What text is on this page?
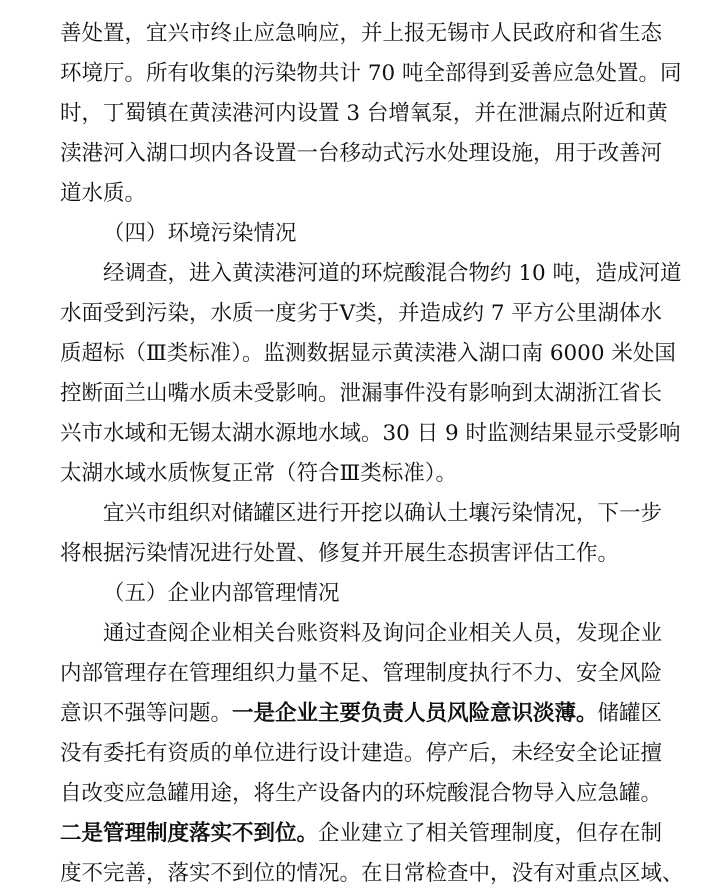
善处置，宜兴市终止应急响应，并上报无锡市人民政府和省生态

环境厅。所有收集的污染物共计 70 吨全部得到妥善应急处置。同

时，丁蜀镇在黄渎港河内设置 3 台增氧泵，并在泄漏点附近和黄

渎港河入湖口坝内各设置一台移动式污水处理设施，用于改善河

道水质。

（四）环境污染情况

经调查，进入黄渎港河道的环烷酸混合物约 10 吨，造成河道

水面受到污染，水质一度劣于Ⅴ类，并造成约 7 平方公里湖体水

质超标（Ⅲ类标准）。监测数据显示黄渎港入湖口南 6000 米处国

控断面兰山嘴水质未受影响。泄漏事件没有影响到太湖浙江省长

兴市水域和无锡太湖水源地水域。30 日 9 时监测结果显示受影响

太湖水域水质恢复正常（符合Ⅲ类标准）。

宜兴市组织对储罐区进行开挖以确认土壤污染情况，下一步

将根据污染情况进行处置、修复并开展生态损害评估工作。

（五）企业内部管理情况

通过查阅企业相关台账资料及询问企业相关人员，发现企业

内部管理存在管理组织力量不足、管理制度执行不力、安全风险

意识不强等问题。一是企业主要负责人员风险意识淡薄。储罐区

没有委托有资质的单位进行设计建造。停产后，未经安全论证擅

自改变应急罐用途，将生产设备内的环烷酸混合物导入应急罐。

二是管理制度落实不到位。企业建立了相关管理制度，但存在制

度不完善，落实不到位的情况。在日常检查中，没有对重点区域、
